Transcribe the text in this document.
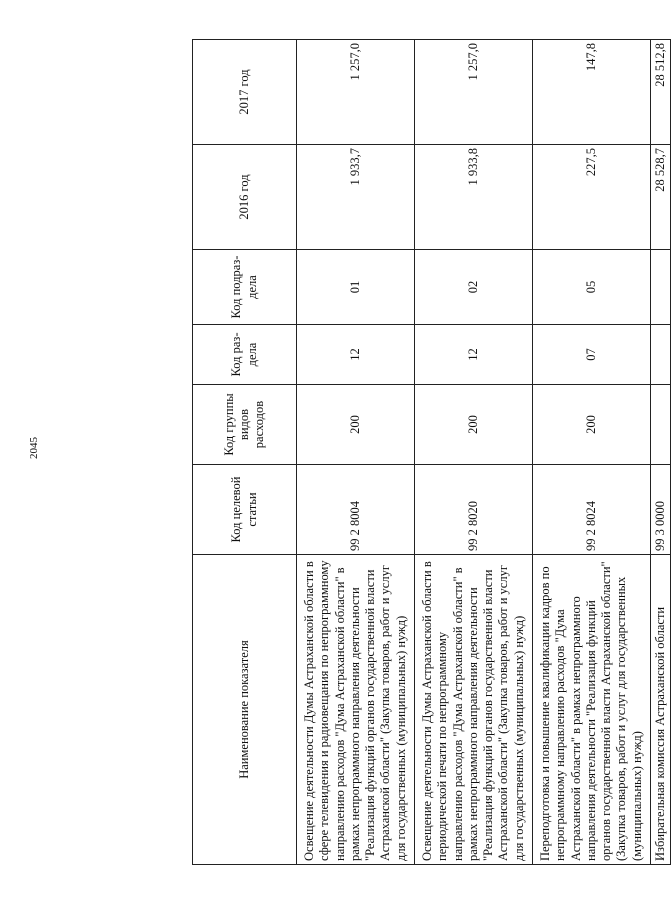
2045
Наименование показателя	Код целевой статьи	Код группы видов расходов	Код раз- дела	Код подраз- дела	2016 год	2017 год
Освещение деятельности Думы Астраханской области в сфере телевидения и радиовещания по непрограммному направлению расходов "Дума Астраханской области" в рамках непрограммного направления деятельности "Реализация функций органов государственной власти Астраханской области" (Закупка товаров, работ и услуг для государственных (муниципальных) нужд)	99 2 8004	200	12	01	1 933,7	1 257,0
Освещение деятельности Думы Астраханской области в периодической печати по непрограммному направлению расходов "Дума Астраханской области" в рамках непрограммного направления деятельности "Реализация функций органов государственной власти Астраханской области" (Закупка товаров, работ и услуг для государственных (муниципальных) нужд)	99 2 8020	200	12	02	1 933,8	1 257,0
Переподготовка и повышение квалификации кадров по непрограммному направлению расходов "Дума Астраханской области" в рамках непрограммного направления деятельности "Реализация функций органов государственной власти Астраханской области" (Закупка товаров, работ и услуг для государственных (муниципальных) нужд)	99 2 8024	200	07	05	227,5	147,8
Избирательная комиссия Астраханской области	99 3 0000				28 528,7	28 512,8
